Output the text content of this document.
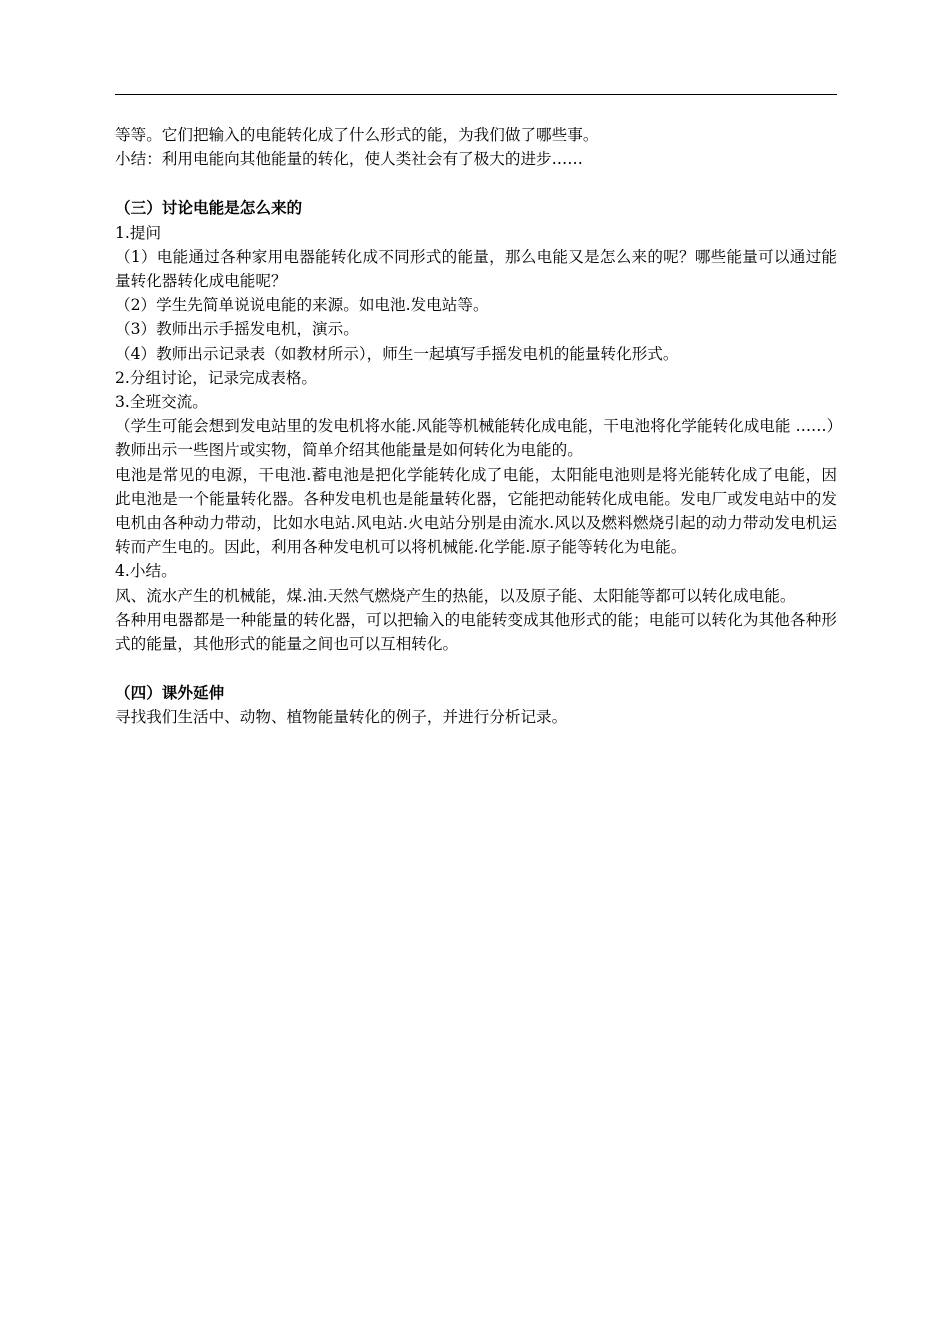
等等。它们把输入的电能转化成了什么形式的能，为我们做了哪些事。

小结：利用电能向其他能量的转化，使人类社会有了极大的进步……

（三）讨论电能是怎么来的

1.提问

（1）电能通过各种家用电器能转化成不同形式的能量，那么电能又是怎么来的呢？哪些能量可以通过能量转化器转化成电能呢？

（2）学生先简单说说电能的来源。如电池.发电站等。

（3）教师出示手摇发电机，演示。

（4）教师出示记录表（如教材所示），师生一起填写手摇发电机的能量转化形式。

2.分组讨论，记录完成表格。

3.全班交流。

（学生可能会想到发电站里的发电机将水能.风能等机械能转化成电能，干电池将化学能转化成电能 ……）

教师出示一些图片或实物，简单介绍其他能量是如何转化为电能的。

电池是常见的电源，干电池.蓄电池是把化学能转化成了电能，太阳能电池则是将光能转化成了电能，因此电池是一个能量转化器。各种发电机也是能量转化器，它能把动能转化成电能。发电厂或发电站中的发电机由各种动力带动，比如水电站.风电站.火电站分别是由流水.风以及燃料燃烧引起的动力带动发电机运转而产生电的。因此，利用各种发电机可以将机械能.化学能.原子能等转化为电能。

4.小结。

风、流水产生的机械能，煤.油.天然气燃烧产生的热能，以及原子能、太阳能等都可以转化成电能。

各种用电器都是一种能量的转化器，可以把输入的电能转变成其他形式的能；电能可以转化为其他各种形式的能量，其他形式的能量之间也可以互相转化。

（四）课外延伸

寻找我们生活中、动物、植物能量转化的例子，并进行分析记录。
